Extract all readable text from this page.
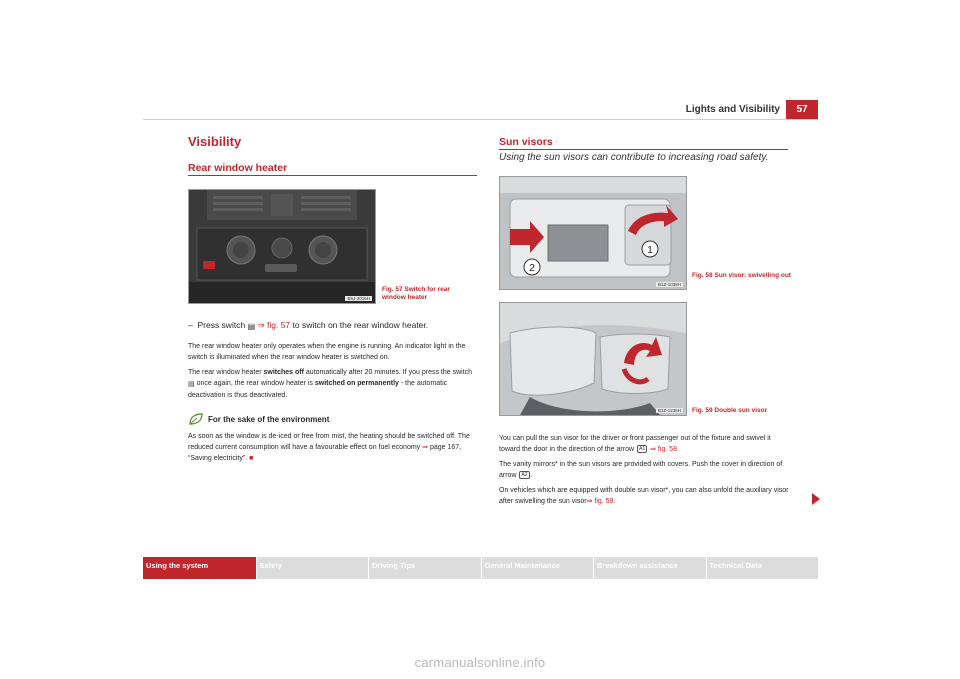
Lights and Visibility	57
Visibility
Rear window heater
B5J-2016H
Fig. 57 Switch for rear window heater
– Press switch ▤ ⇒ fig. 57 to switch on the rear window heater.
The rear window heater only operates when the engine is running. An indicator light in the switch is illuminated when the rear window heater is switched on.
The rear window heater switches off automatically after 20 minutes. If you press the switch ▤ once again, the rear window heater is switched on permanently - the automatic deactivation is thus deactivated.
For the sake of the environment
As soon as the window is de-iced or free from mist, the heating should be switched off. The reduced current consumption will have a favourable effect on fuel economy ⇒ page 167, “Saving electricity”. ■
Sun visors
Using the sun visors can contribute to increasing road safety.
1
2
B1Z-1038H
Fig. 58 Sun visor: swivelling out
B1Z-1236H	Fig. 59 Double sun visor
You can pull the sun visor for the driver or front passenger out of the fixture and swivel it toward the door in the direction of the arrow A1 ⇒ fig. 58.
The vanity mirrors* in the sun visors are provided with covers. Push the cover in direction of arrow A2 .
On vehicles which are equipped with double sun visor*, you can also unfold the auxiliary visor after swivelling the sun visor⇒ fig. 59.
Using the system	Safety	Driving Tips	General Maintenance	Breakdown assistance	Technical Data
carmanualsonline.info
